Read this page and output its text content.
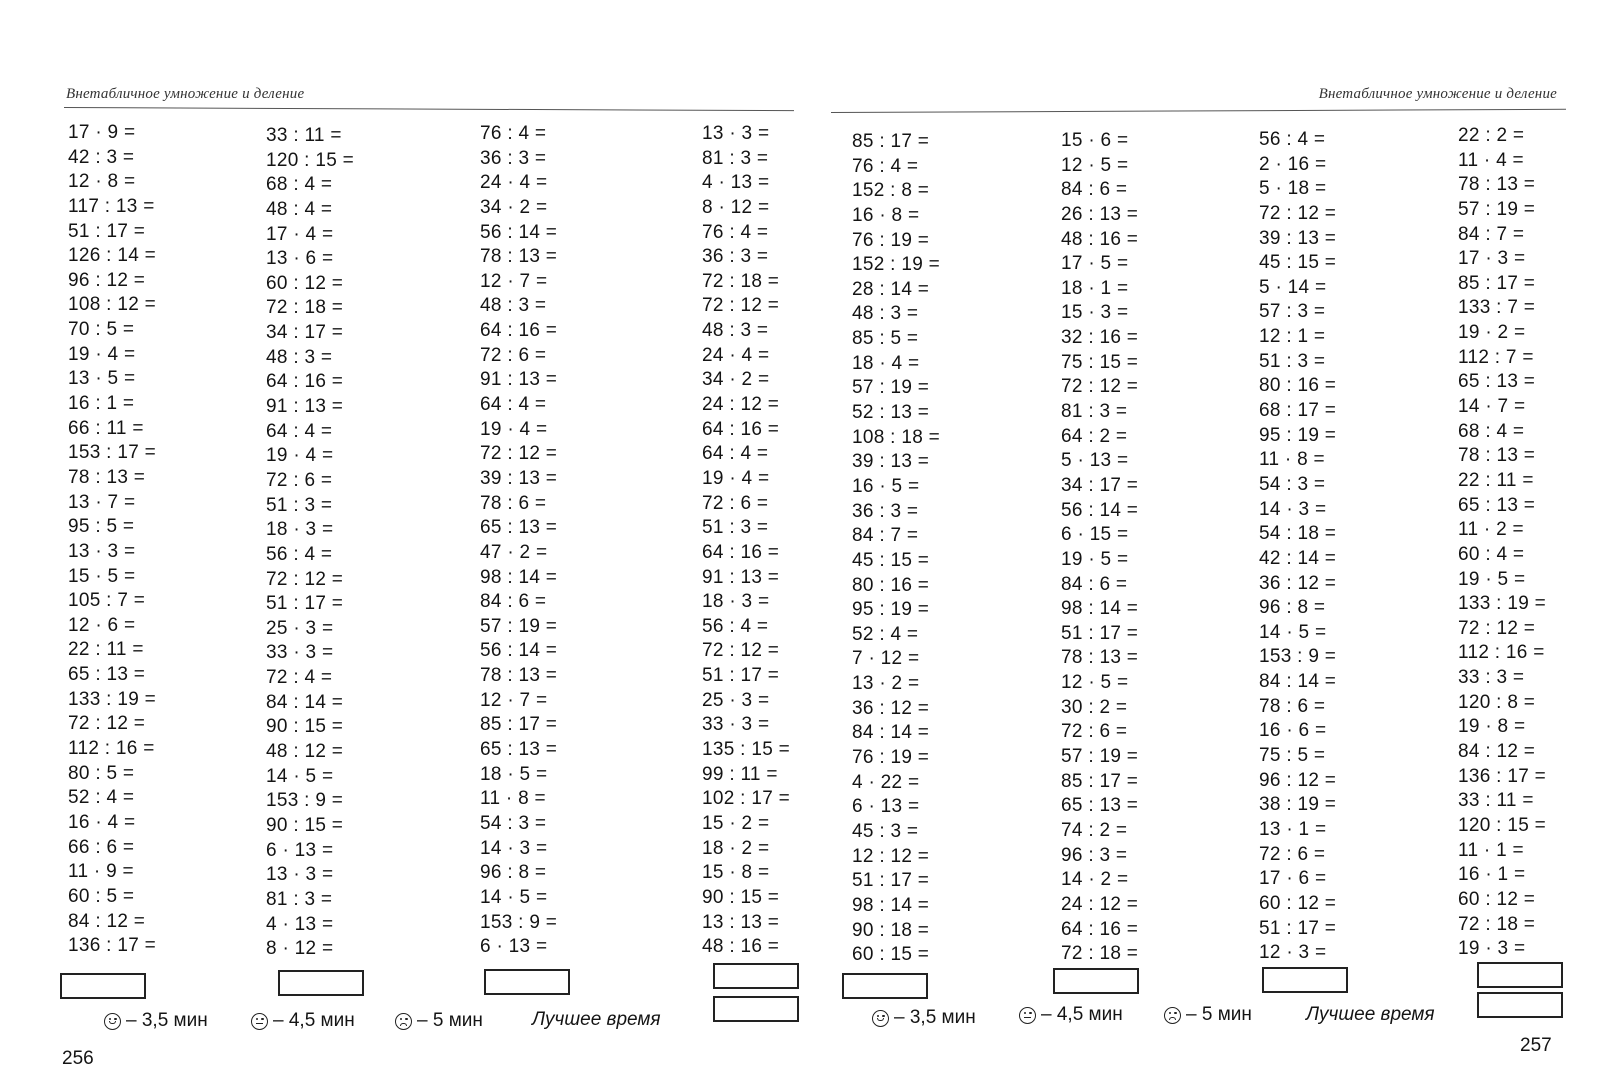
Внетабличное умножение и деление
17 · 9 =
42 : 3 =
12 · 8 =
117 : 13 =
51 : 17 =
126 : 14 =
96 : 12 =
108 : 12 =
70 : 5 =
19 · 4 =
13 · 5 =
16 : 1 =
66 : 11 =
153 : 17 =
78 : 13 =
13 · 7 =
95 : 5 =
13 · 3 =
15 · 5 =
105 : 7 =
12 · 6 =
22 : 11 =
65 : 13 =
133 : 19 =
72 : 12 =
112 : 16 =
80 : 5 =
52 : 4 =
16 · 4 =
66 : 6 =
11 · 9 =
60 : 5 =
84 : 12 =
136 : 17 =
33 : 11 =
120 : 15 =
68 : 4 =
48 : 4 =
17 · 4 =
13 · 6 =
60 : 12 =
72 : 18 =
34 : 17 =
48 : 3 =
64 : 16 =
91 : 13 =
64 : 4 =
19 · 4 =
72 : 6 =
51 : 3 =
18 · 3 =
56 : 4 =
72 : 12 =
51 : 17 =
25 · 3 =
33 · 3 =
72 : 4 =
84 : 14 =
90 : 15 =
48 : 12 =
14 · 5 =
153 : 9 =
90 : 15 =
6 · 13 =
13 · 3 =
81 : 3 =
4 · 13 =
8 · 12 =
76 : 4 =
36 : 3 =
24 · 4 =
34 · 2 =
56 : 14 =
78 : 13 =
12 · 7 =
48 : 3 =
64 : 16 =
72 : 6 =
91 : 13 =
64 : 4 =
19 · 4 =
72 : 12 =
39 : 13 =
78 : 6 =
65 : 13 =
47 · 2 =
98 : 14 =
84 : 6 =
57 : 19 =
56 : 14 =
78 : 13 =
12 · 7 =
85 : 17 =
65 : 13 =
18 · 5 =
11 · 8 =
54 : 3 =
14 · 3 =
96 : 8 =
14 · 5 =
153 : 9 =
6 · 13 =
13 · 3 =
81 : 3 =
4 · 13 =
8 · 12 =
76 : 4 =
36 : 3 =
72 : 18 =
72 : 12 =
48 : 3 =
24 · 4 =
34 · 2 =
24 : 12 =
64 : 16 =
64 : 4 =
19 · 4 =
72 : 6 =
51 : 3 =
64 : 16 =
91 : 13 =
18 · 3 =
56 : 4 =
72 : 12 =
51 : 17 =
25 · 3 =
33 · 3 =
135 : 15 =
99 : 11 =
102 : 17 =
15 · 2 =
18 · 2 =
15 · 8 =
90 : 15 =
13 : 13 =
48 : 16 =
– 3,5 мин	– 4,5 мин	– 5 мин	Лучшее время
256
Внетабличное умножение и деление
85 : 17 =
76 : 4 =
152 : 8 =
16 · 8 =
76 : 19 =
152 : 19 =
28 : 14 =
48 : 3 =
85 : 5 =
18 · 4 =
57 : 19 =
52 : 13 =
108 : 18 =
39 : 13 =
16 · 5 =
36 : 3 =
84 : 7 =
45 : 15 =
80 : 16 =
95 : 19 =
52 : 4 =
7 · 12 =
13 · 2 =
36 : 12 =
84 : 14 =
76 : 19 =
4 · 22 =
6 · 13 =
45 : 3 =
12 : 12 =
51 : 17 =
98 : 14 =
90 : 18 =
60 : 15 =
15 · 6 =
12 · 5 =
84 : 6 =
26 : 13 =
48 : 16 =
17 · 5 =
18 · 1 =
15 · 3 =
32 : 16 =
75 : 15 =
72 : 12 =
81 : 3 =
64 : 2 =
5 · 13 =
34 : 17 =
56 : 14 =
6 · 15 =
19 · 5 =
84 : 6 =
98 : 14 =
51 : 17 =
78 : 13 =
12 · 5 =
30 : 2 =
72 : 6 =
57 : 19 =
85 : 17 =
65 : 13 =
74 : 2 =
96 : 3 =
14 · 2 =
24 : 12 =
64 : 16 =
72 : 18 =
56 : 4 =
2 · 16 =
5 · 18 =
72 : 12 =
39 : 13 =
45 : 15 =
5 · 14 =
57 : 3 =
12 : 1 =
51 : 3 =
80 : 16 =
68 : 17 =
95 : 19 =
11 · 8 =
54 : 3 =
14 · 3 =
54 : 18 =
42 : 14 =
36 : 12 =
96 : 8 =
14 · 5 =
153 : 9 =
84 : 14 =
78 : 6 =
16 · 6 =
75 : 5 =
96 : 12 =
38 : 19 =
13 · 1 =
72 : 6 =
17 · 6 =
60 : 12 =
51 : 17 =
12 · 3 =
22 : 2 =
11 · 4 =
78 : 13 =
57 : 19 =
84 : 7 =
17 · 3 =
85 : 17 =
133 : 7 =
19 · 2 =
112 : 7 =
65 : 13 =
14 · 7 =
68 : 4 =
78 : 13 =
22 : 11 =
65 : 13 =
11 · 2 =
60 : 4 =
19 · 5 =
133 : 19 =
72 : 12 =
112 : 16 =
33 : 3 =
120 : 8 =
19 · 8 =
84 : 12 =
136 : 17 =
33 : 11 =
120 : 15 =
11 · 1 =
16 · 1 =
60 : 12 =
72 : 18 =
19 · 3 =
– 3,5 мин	– 4,5 мин	– 5 мин	Лучшее время
257
